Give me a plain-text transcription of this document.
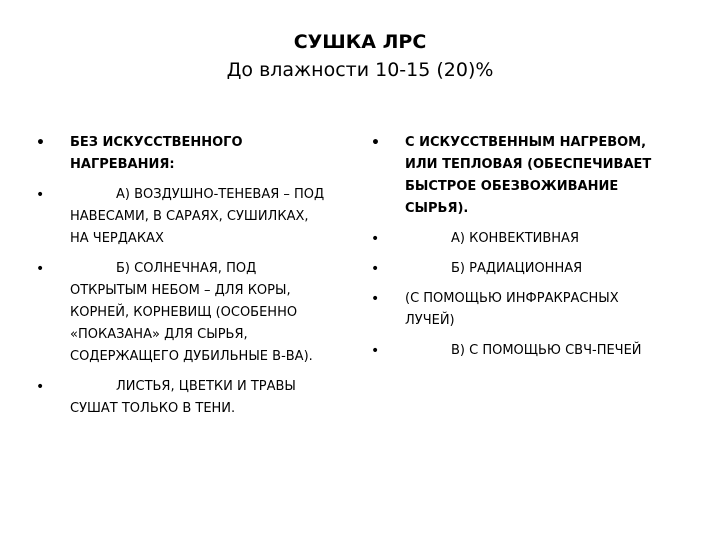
СУШКА ЛРС
До влажности 10-15 (20)%
• БЕЗ ИСКУССТВЕННОГО НАГРЕВАНИЯ:
•	А) ВОЗДУШНО-ТЕНЕВАЯ – ПОД НАВЕСАМИ, В САРАЯХ, СУШИЛКАХ, НА ЧЕРДАКАХ
•	Б) СОЛНЕЧНАЯ, ПОД ОТКРЫТЫМ НЕБОМ – ДЛЯ КОРЫ, КОРНЕЙ, КОРНЕВИЩ (ОСОБЕННО «ПОКАЗАНА» ДЛЯ СЫРЬЯ, СОДЕРЖАЩЕГО ДУБИЛЬНЫЕ В-ВА).
•	ЛИСТЬЯ, ЦВЕТКИ И ТРАВЫ СУШАТ ТОЛЬКО В ТЕНИ.
• С ИСКУССТВЕННЫМ НАГРЕВОМ, ИЛИ ТЕПЛОВАЯ (ОБЕСПЕЧИВАЕТ БЫСТРОЕ ОБЕЗВОЖИВАНИЕ СЫРЬЯ).
•	А) КОНВЕКТИВНАЯ
•	Б) РАДИАЦИОННАЯ
• (С ПОМОЩЬЮ ИНФРАКРАСНЫХ ЛУЧЕЙ)
•	В) С ПОМОЩЬЮ СВЧ-ПЕЧЕЙ
